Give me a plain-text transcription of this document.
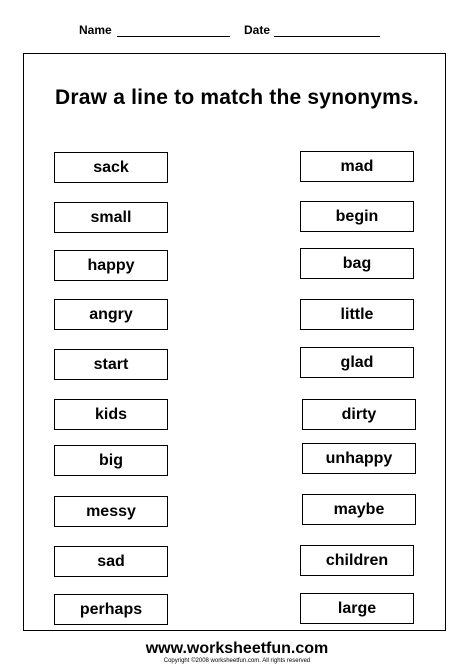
Name	Date
Draw a line to match the synonyms.
sack
small
happy
angry
start
kids
big
messy
sad
perhaps
mad
begin
bag
little
glad
dirty
unhappy
maybe
children
large
www.worksheetfun.com
Copyright ©2008 worksheetfun.com. All rights reserved
